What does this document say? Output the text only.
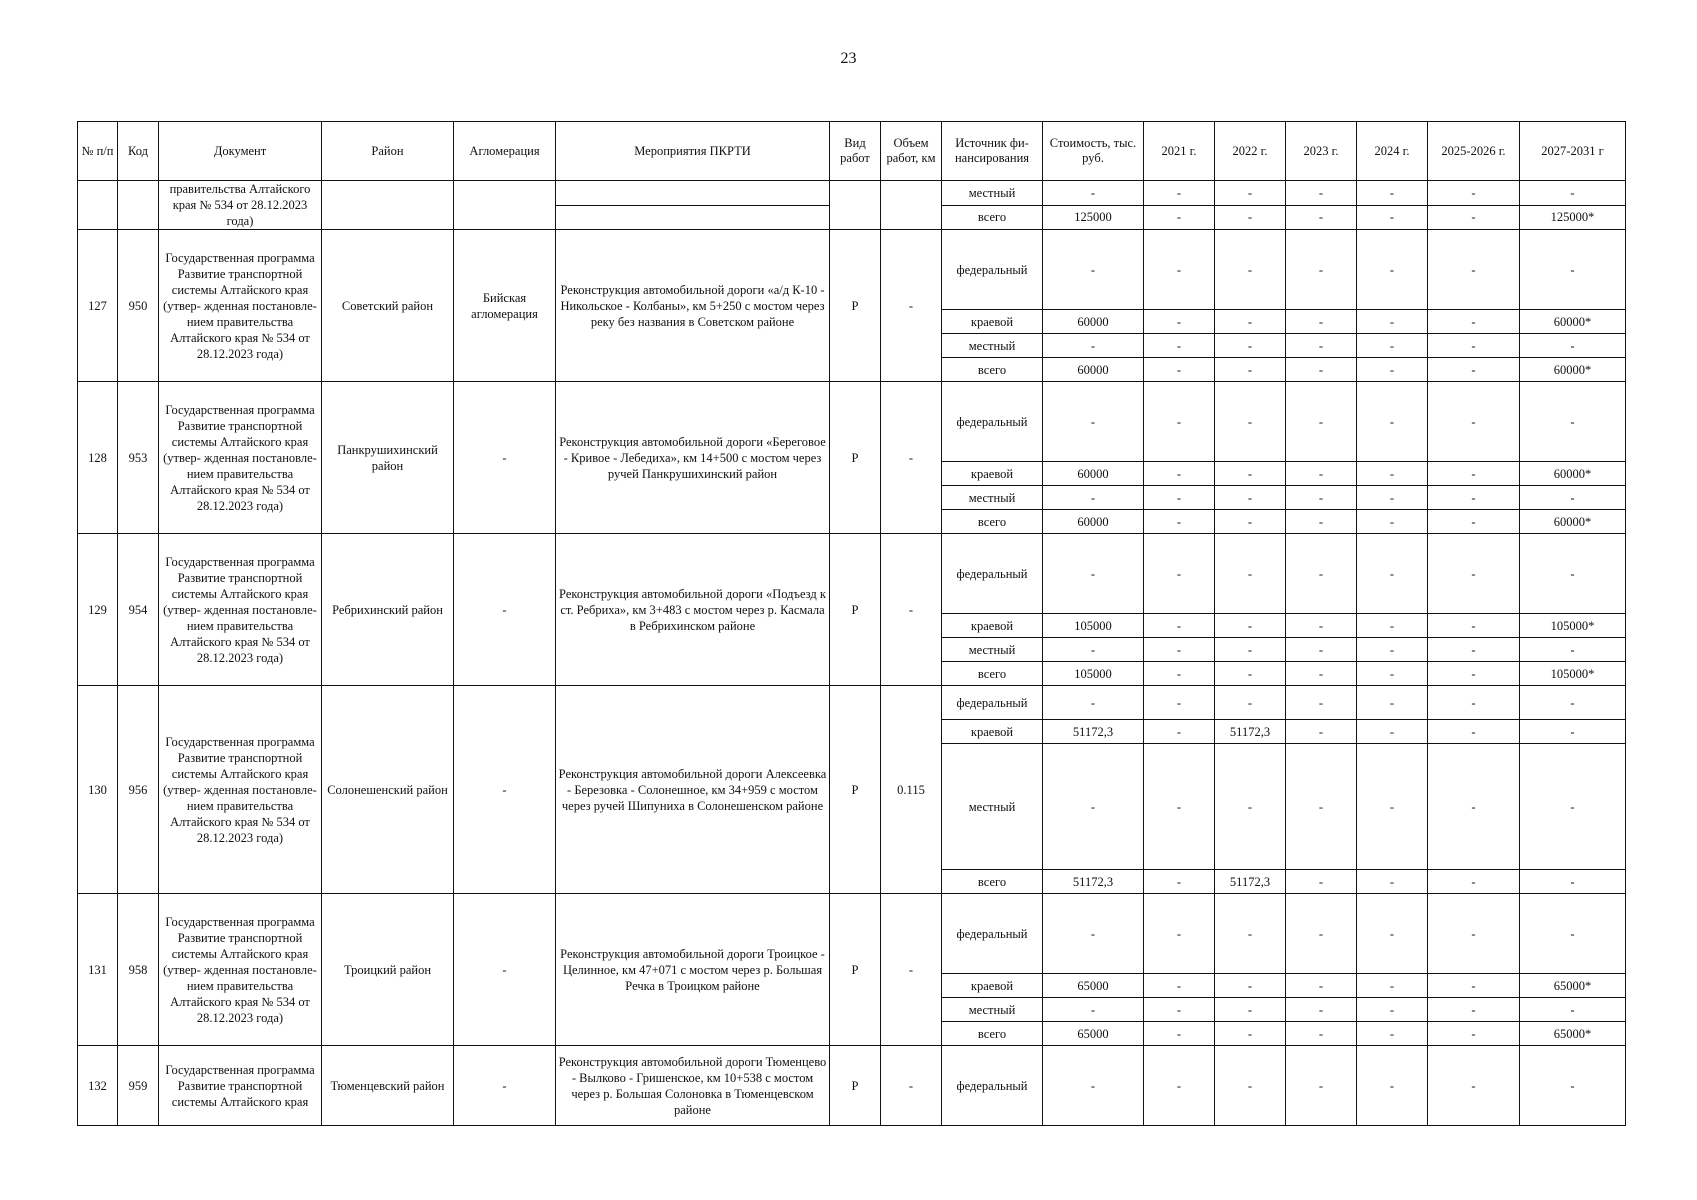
23
№ п/п	Код	Документ	Район	Агломерация	Мероприятия ПКРТИ	Вид работ	Объем работ, км	Источник фи- нансирования	Стоимость, тыс. руб.	2021 г.	2022 г.	2023 г.	2024 г.	2025-2026 г.	2027-2031 г
		правительства Алтайского края № 534 от 28.12.2023 года)						местный	-	-	-	-	-	-	-
								всего	125000	-	-	-	-	-	125000*
127	950	Государственная программа Развитие транспортной системы Алтайского края (утвер- жденная постановле- нием правительства Алтайского края № 534 от 28.12.2023 года)	Советский район	Бийская агломерация	Реконструкция автомобильной дороги «а/д К-10 - Никольское - Колбаны», км 5+250 с мостом через реку без названия в Советском районе	Р	-	федеральный	-	-	-	-	-	-	-
								краевой	60000	-	-	-	-	-	60000*
								местный	-	-	-	-	-	-	-
								всего	60000	-	-	-	-	-	60000*
128	953	Государственная программа Развитие транспортной системы Алтайского края (утвер- жденная постановле- нием правительства Алтайского края № 534 от 28.12.2023 года)	Панкрушихинский район	-	Реконструкция автомобильной дороги «Береговое - Кривое - Лебедиха», км 14+500 с мостом через ручей Панкрушихинский район	Р	-	федеральный	-	-	-	-	-	-	-
								краевой	60000	-	-	-	-	-	60000*
								местный	-	-	-	-	-	-	-
								всего	60000	-	-	-	-	-	60000*
129	954	Государственная программа Развитие транспортной системы Алтайского края (утвер- жденная постановле- нием правительства Алтайского края № 534 от 28.12.2023 года)	Ребрихинский район	-	Реконструкция автомобильной дороги «Подъезд к ст. Ребриха», км 3+483 с мостом через р. Касмала в Ребрихинском районе	Р	-	федеральный	-	-	-	-	-	-	-
								краевой	105000	-	-	-	-	-	105000*
								местный	-	-	-	-	-	-	-
								всего	105000	-	-	-	-	-	105000*
130	956	Государственная программа Развитие транспортной системы Алтайского края (утвер- жденная постановле- нием правительства Алтайского края № 534 от 28.12.2023 года)	Солонешенский район	-	Реконструкция автомобильной дороги Алексеевка - Березовка - Солонешное, км 34+959 с мостом через ручей Шипуниха в Солонешенском районе	Р	0.115	федеральный	-	-	-	-	-	-	-
								краевой	51172,3	-	51172,3	-	-	-	-
								местный	-	-	-	-	-	-	-
								всего	51172,3	-	51172,3	-	-	-	-
131	958	Государственная программа Развитие транспортной системы Алтайского края (утвер- жденная постановле- нием правительства Алтайского края № 534 от 28.12.2023 года)	Троицкий район	-	Реконструкция автомобильной дороги Троицкое - Целинное, км 47+071 с мостом через р. Большая Речка в Троицком районе	Р	-	федеральный	-	-	-	-	-	-	-
								краевой	65000	-	-	-	-	-	65000*
								местный	-	-	-	-	-	-	-
								всего	65000	-	-	-	-	-	65000*
132	959	Государственная программа Развитие транспортной системы Алтайского края	Тюменцевский район	-	Реконструкция автомобильной дороги Тюменцево - Вылково - Гришенское, км 10+538 с мостом через р. Большая Солоновка в Тюменцевском районе	Р	-	федеральный	-	-	-	-	-	-	-
